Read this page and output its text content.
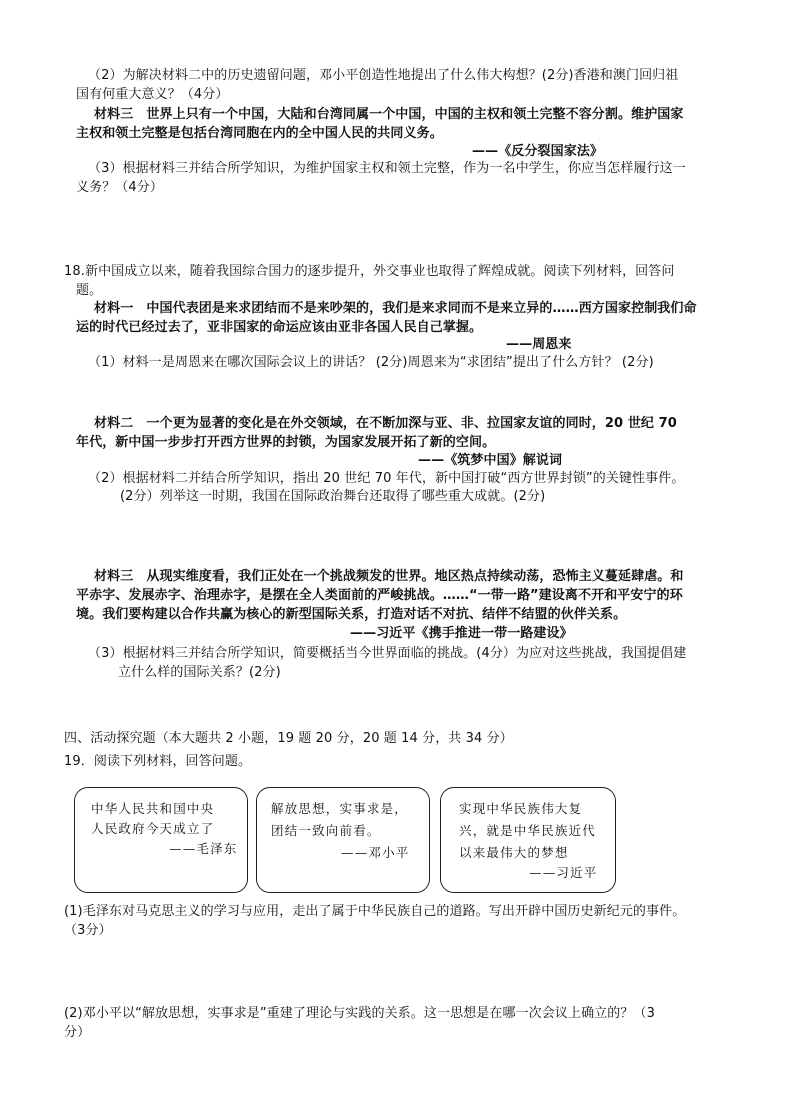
（2）为解决材料二中的历史遗留问题，邓小平创造性地提出了什么伟大构想？(2分)香港和澳门回归祖
国有何重大意义？（4分）
材料三　世界上只有一个中国，大陆和台湾同属一个中国，中国的主权和领土完整不容分割。维护国家
主权和领土完整是包括台湾同胞在内的全中国人民的共同义务。
——《反分裂国家法》
（3）根据材料三并结合所学知识，为维护国家主权和领土完整，作为一名中学生，你应当怎样履行这一
义务？（4分）
18.新中国成立以来，随着我国综合国力的逐步提升，外交事业也取得了辉煌成就。阅读下列材料，回答问
题。
材料一　中国代表团是来求团结而不是来吵架的，我们是来求同而不是来立异的……西方国家控制我们命
运的时代已经过去了，亚非国家的命运应该由亚非各国人民自己掌握。
——周恩来
（1）材料一是周恩来在哪次国际会议上的讲话？ (2分)周恩来为“求团结”提出了什么方针？ (2分)
材料二　一个更为显著的变化是在外交领域，在不断加深与亚、非、拉国家友谊的同时，20 世纪 70
年代，新中国一步步打开西方世界的封锁，为国家发展开拓了新的空间。
——《筑梦中国》解说词
（2）根据材料二并结合所学知识，指出 20 世纪 70 年代，新中国打破“西方世界封锁”的关键性事件。
(2分）列举这一时期，我国在国际政治舞台还取得了哪些重大成就。(2分)
材料三　从现实维度看，我们正处在一个挑战频发的世界。地区热点持续动荡，恐怖主义蔓延肆虐。和
平赤字、发展赤字、治理赤字，是摆在全人类面前的严峻挑战。……“一带一路”建设离不开和平安宁的环
境。我们要构建以合作共赢为核心的新型国际关系，打造对话不对抗、结伴不结盟的伙伴关系。
——习近平《携手推进一带一路建设》
（3）根据材料三并结合所学知识，简要概括当今世界面临的挑战。(4分）为应对这些挑战，我国提倡建
立什么样的国际关系？(2分)
四、活动探究题（本大题共 2 小题，19 题 20 分，20 题 14 分，共 34 分）
19．阅读下列材料，回答问题。
中华人民共和国中央
人民政府今天成立了
——毛泽东
解放思想，实事求是，
团结一致向前看。
——邓小平
实现中华民族伟大复
兴，就是中华民族近代
以来最伟大的梦想
——习近平
(1)毛泽东对马克思主义的学习与应用，走出了属于中华民族自己的道路。写出开辟中国历史新纪元的事件。
（3分）
(2)邓小平以“解放思想，实事求是”重建了理论与实践的关系。这一思想是在哪一次会议上确立的？（3
分）
